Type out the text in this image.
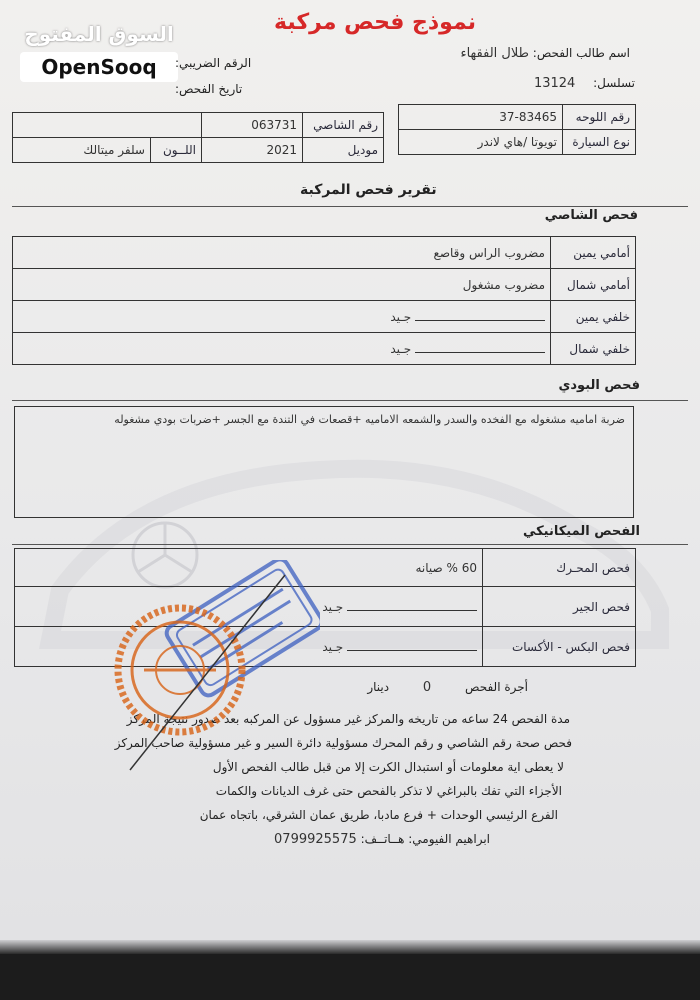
نموذج فحص مركبة
السوق المفتوح
OpenSooq
اسم طالب الفحص: طلال الفقهاء
تسلسل: 13124
الرقم الضريبي:
تاريخ الفحص:
رقم اللوحه	37-83465
نوع السيارة	تويوتا /هاي لاندر
رقم الشاصي	063731		
موديل	2021	اللــون	سلفر ميتالك
تقرير فحص المركبة
فحص الشاصي
أمامي يمين	مضروب الراس وقاصع
أمامي شمال	مضروب مشغول
خلفي يمين	جـيد
خلفي شمال	جـيد
فحص البودي
ضربة اماميه مشغوله مع الفخده والسدر والشمعه الاماميه +قصعات في التندة مع الجسر +ضربات بودي مشغوله
الفحص الميكانيكي
فحص المحـرك	60 % صيانه
فحص الجير	جـيد
فحص البكس - الأكسات	جـيد
أجرة الفحص 0 دينار
مدة الفحص 24 ساعه من تاريخه والمركز غير مسؤول عن المركبه بعد صدور نتيجة المركز
فحص صحة رقم الشاصي و رقم المحرك مسؤولية دائرة السير و غير مسؤولية صاحب المركز
لا يعطى اية معلومات أو استبدال الكرت إلا من قبل طالب الفحص الأول
الأجزاء التي تفك بالبراغي لا تذكر بالفحص حتى غرف الديانات والكمات
الفرع الرئيسي الوحدات + فرع مادبا، طريق عمان الشرقي، باتجاه عمان
ابراهيم الفيومي: هــاتــف: 0799925575
